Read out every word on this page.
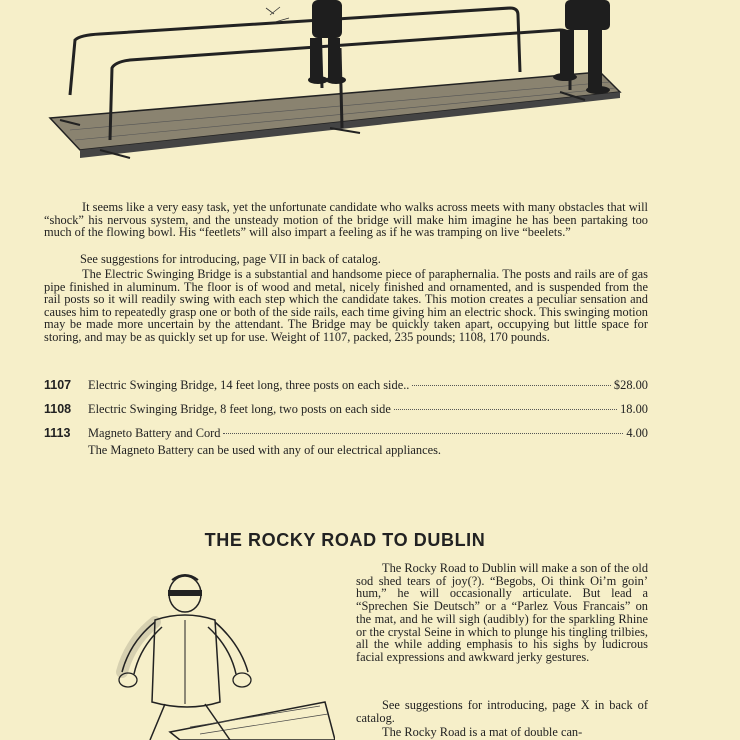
It seems like a very easy task, yet the unfortunate candidate who walks across meets with many obstacles that will “shock” his nervous system, and the unsteady motion of the bridge will make him imagine he has been partaking too much of the flowing bowl. His “feetlets” will also impart a feeling as if he was tramping on live “beelets.”

See suggestions for introducing, page VII in back of catalog.

The Electric Swinging Bridge is a substantial and handsome piece of paraphernalia. The posts and rails are of gas pipe finished in aluminum. The floor is of wood and metal, nicely finished and ornamented, and is suspended from the rail posts so it will readily swing with each step which the candidate takes. This motion creates a peculiar sensation and causes him to repeatedly grasp one or both of the side rails, each time giving him an electric shock. This swinging motion may be made more uncertain by the attendant. The Bridge may be quickly taken apart, occupying but little space for storing, and may be as quickly set up for use. Weight of 1107, packed, 235 pounds; 1108, 170 pounds.

1107	Electric Swinging Bridge, 14 feet long, three posts on each side..	$28.00
1108	Electric Swinging Bridge, 8 feet long, two posts on each side	18.00
1113	Magneto Battery and Cord	4.00
The Magneto Battery can be used with any of our electrical appliances.
THE ROCKY ROAD TO DUBLIN

The Rocky Road to Dublin will make a son of the old sod shed tears of joy(?). “Begobs, Oi think Oi’m goin’ hum,” he will occasionally articulate. But lead a “Sprechen Sie Deutsch” or a “Parlez Vous Francais” on the mat, and he will sigh (audibly) for the sparkling Rhine or the crystal Seine in which to plunge his tingling trilbies, all the while adding emphasis to his sighs by ludicrous facial expressions and awkward jerky gestures.

See suggestions for introducing, page X in back of catalog.

The Rocky Road is a mat of double can-
